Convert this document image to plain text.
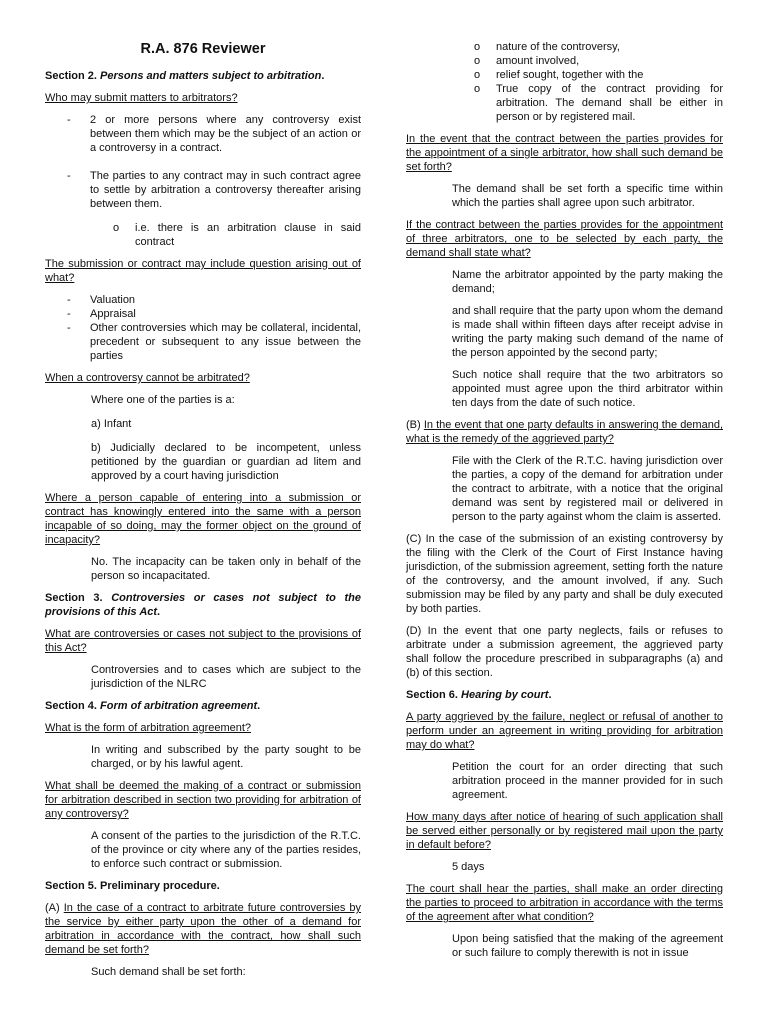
R.A. 876 Reviewer

Section 2. Persons and matters subject to arbitration.

Who may submit matters to arbitrators?

-	2 or more persons where any controversy exist between them which may be the subject of an action or a controversy in a contract.
-	The parties to any contract may in such contract agree to settle by arbitration a controversy thereafter arising between them.
o	i.e. there is an arbitration clause in said contract

The submission or contract may include question arising out of what?

-	Valuation
-	Appraisal
-	Other controversies which may be collateral, incidental, precedent or subsequent to any issue between the parties

When a controversy cannot be arbitrated?

Where one of the parties is a:

a) Infant

b) Judicially declared to be incompetent, unless petitioned by the guardian or guardian ad litem and approved by a court having jurisdiction

Where a person capable of entering into a submission or contract has knowingly entered into the same with a person incapable of so doing, may the former object on the ground of incapacity?

No. The incapacity can be taken only in behalf of the person so incapacitated.

Section 3. Controversies or cases not subject to the provisions of this Act.

What are controversies or cases not subject to the provisions of this Act?

Controversies and to cases which are subject to the jurisdiction of the NLRC

Section 4. Form of arbitration agreement.

What is the form of arbitration agreement?

In writing and subscribed by the party sought to be charged, or by his lawful agent.

What shall be deemed the making of a contract or submission for arbitration described in section two providing for arbitration of any controversy?

A consent of the parties to the jurisdiction of the R.T.C. of the province or city where any of the parties resides, to enforce such contract or submission.

Section 5. Preliminary procedure.

(A) In the case of a contract to arbitrate future controversies by the service by either party upon the other of a demand for arbitration in accordance with the contract, how shall such demand be set forth?

Such demand shall be set forth:

o	nature of the controversy,
o	amount involved,
o	relief sought, together with the
o	True copy of the contract providing for arbitration. The demand shall be either in person or by registered mail.

In the event that the contract between the parties provides for the appointment of a single arbitrator, how shall such demand be set forth?

The demand shall be set forth a specific time within which the parties shall agree upon such arbitrator.

If the contract between the parties provides for the appointment of three arbitrators, one to be selected by each party, the demand shall state what?

Name the arbitrator appointed by the party making the demand;

and shall require that the party upon whom the demand is made shall within fifteen days after receipt advise in writing the party making such demand of the name of the person appointed by the second party;

Such notice shall require that the two arbitrators so appointed must agree upon the third arbitrator within ten days from the date of such notice.

(B) In the event that one party defaults in answering the demand, what is the remedy of the aggrieved party?

File with the Clerk of the R.T.C. having jurisdiction over the parties, a copy of the demand for arbitration under the contract to arbitrate, with a notice that the original demand was sent by registered mail or delivered in person to the party against whom the claim is asserted.

(C) In the case of the submission of an existing controversy by the filing with the Clerk of the Court of First Instance having jurisdiction, of the submission agreement, setting forth the nature of the controversy, and the amount involved, if any. Such submission may be filed by any party and shall be duly executed by both parties.

(D) In the event that one party neglects, fails or refuses to arbitrate under a submission agreement, the aggrieved party shall follow the procedure prescribed in subparagraphs (a) and (b) of this section.

Section 6. Hearing by court.

A party aggrieved by the failure, neglect or refusal of another to perform under an agreement in writing providing for arbitration may do what?

Petition the court for an order directing that such arbitration proceed in the manner provided for in such agreement.

How many days after notice of hearing of such application shall be served either personally or by registered mail upon the party in default before?

5 days

The court shall hear the parties, shall make an order directing the parties to proceed to arbitration in accordance with the terms of the agreement after what condition?

Upon being satisfied that the making of the agreement or such failure to comply therewith is not in issue
